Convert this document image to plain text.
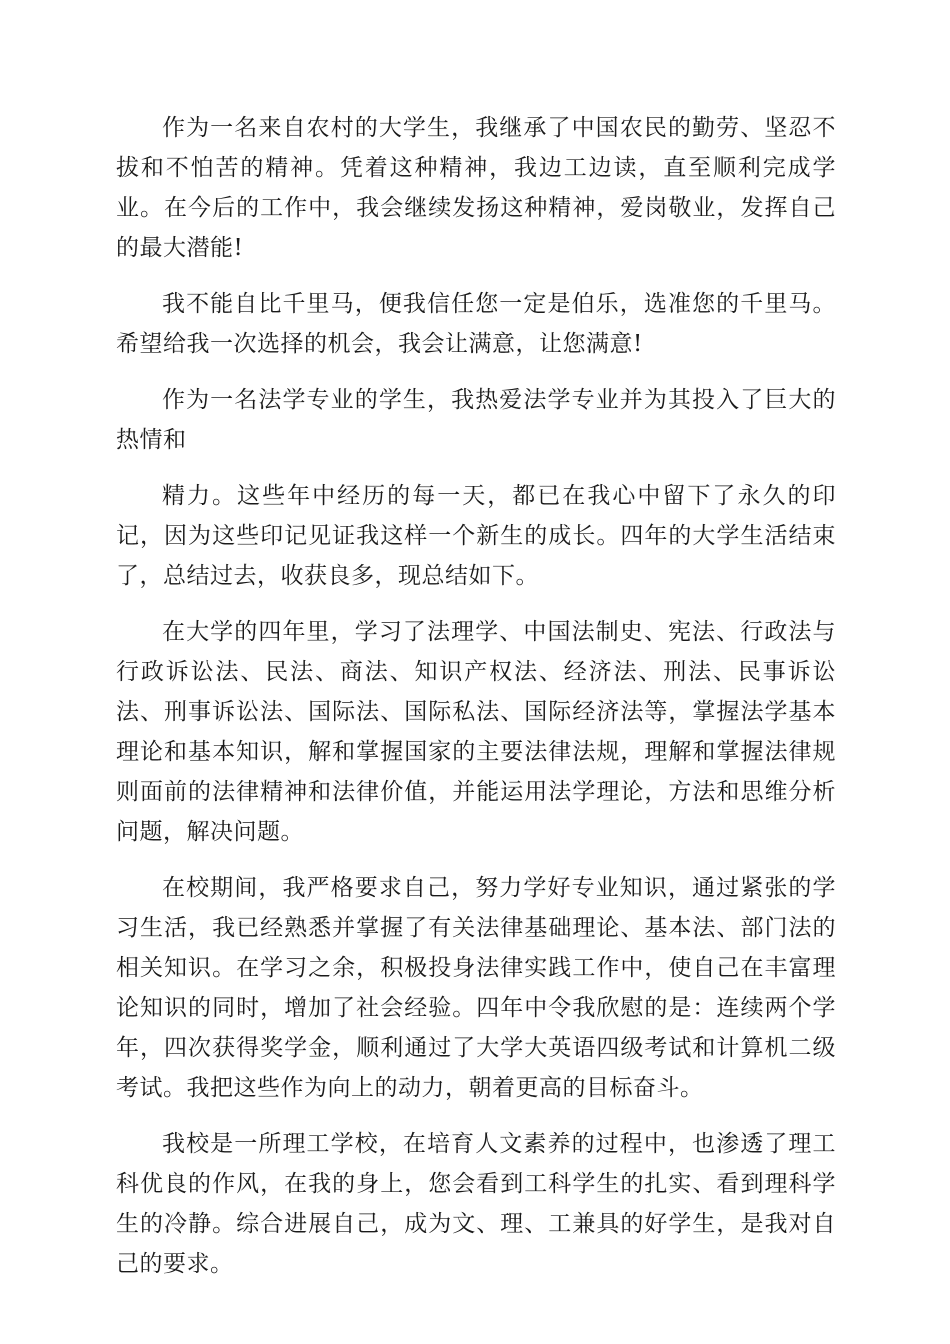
作为一名来自农村的大学生，我继承了中国农民的勤劳、坚忍不拔和不怕苦的精神。凭着这种精神，我边工边读，直至顺利完成学业。在今后的工作中，我会继续发扬这种精神，爱岗敬业，发挥自己的最大潜能!

我不能自比千里马，便我信任您一定是伯乐，选准您的千里马。希望给我一次选择的机会，我会让满意，让您满意!

作为一名法学专业的学生，我热爱法学专业并为其投入了巨大的热情和

精力。这些年中经历的每一天，都已在我心中留下了永久的印记，因为这些印记见证我这样一个新生的成长。四年的大学生活结束了，总结过去，收获良多，现总结如下。

在大学的四年里，学习了法理学、中国法制史、宪法、行政法与行政诉讼法、民法、商法、知识产权法、经济法、刑法、民事诉讼法、刑事诉讼法、国际法、国际私法、国际经济法等，掌握法学基本理论和基本知识，解和掌握国家的主要法律法规，理解和掌握法律规则面前的法律精神和法律价值，并能运用法学理论，方法和思维分析问题，解决问题。

在校期间，我严格要求自己，努力学好专业知识，通过紧张的学习生活，我已经熟悉并掌握了有关法律基础理论、基本法、部门法的相关知识。在学习之余，积极投身法律实践工作中，使自己在丰富理论知识的同时，增加了社会经验。四年中令我欣慰的是：连续两个学年，四次获得奖学金，顺利通过了大学大英语四级考试和计算机二级考试。我把这些作为向上的动力，朝着更高的目标奋斗。

我校是一所理工学校，在培育人文素养的过程中，也渗透了理工科优良的作风，在我的身上，您会看到工科学生的扎实、看到理科学生的冷静。综合进展自己，成为文、理、工兼具的好学生，是我对自己的要求。
